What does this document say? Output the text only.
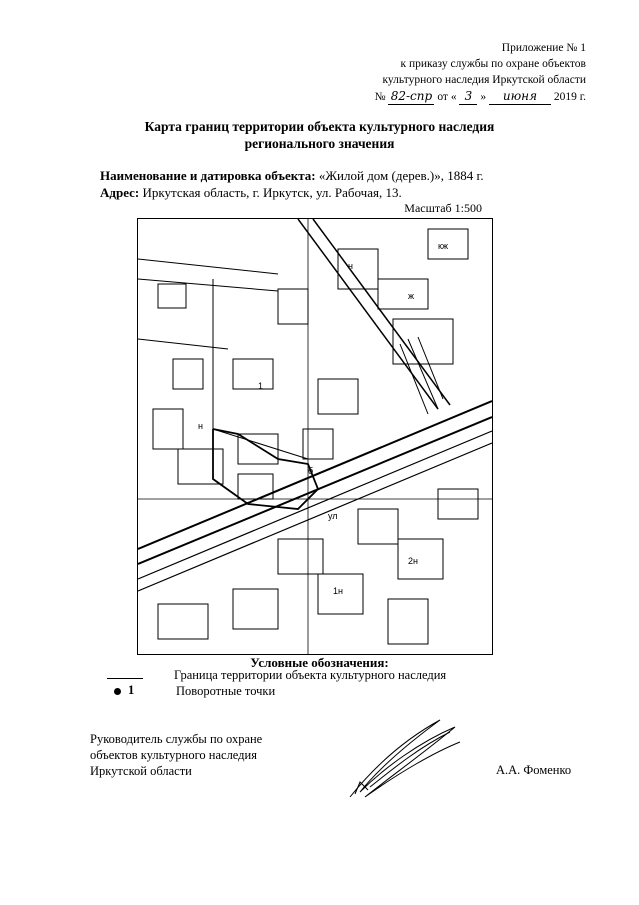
Приложение № 1
к приказу службы по охране объектов
культурного наследия Иркутской области
№ 82-спр от « 3 » июня 2019 г.
Карта границ территории объекта культурного наследия
регионального значения
Наименование и датировка объекта: «Жилой дом (дерев.)», 1884 г.
Адрес: Иркутская область, г. Иркутск, ул. Рабочая, 13.
Масштаб 1:500
1
н
ж
кж
н
2н
1н
б
ул
Условные обозначения:
Граница территории объекта культурного наследия
1	Поворотные точки
Руководитель службы по охране
объектов культурного наследия
Иркутской области	А.А. Фоменко
